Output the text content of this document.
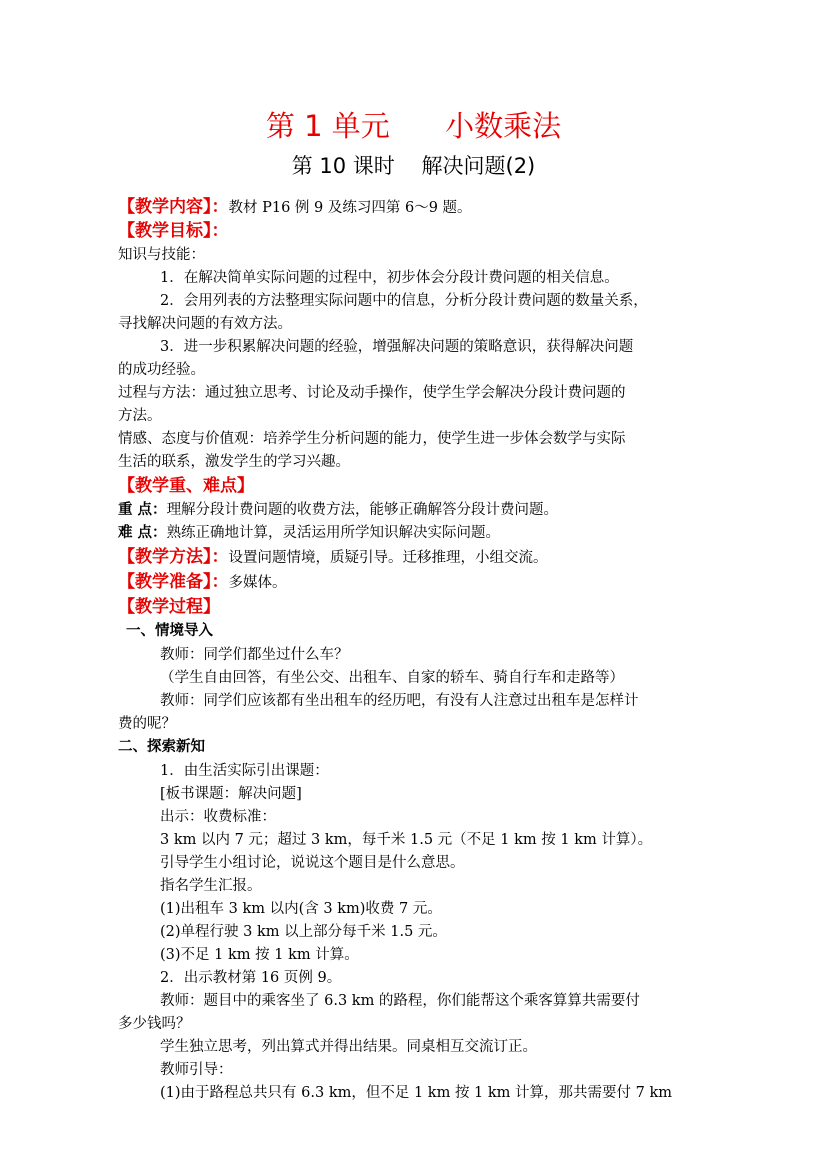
第 1 单元      小数乘法
第 10 课时    解决问题(2)
【教学内容】：教材 P16 例 9 及练习四第 6～9 题。
【教学目标】：
知识与技能：
1．在解决简单实际问题的过程中，初步体会分段计费问题的相关信息。
2．会用列表的方法整理实际问题中的信息，分析分段计费问题的数量关系，
寻找解决问题的有效方法。
3．进一步积累解决问题的经验，增强解决问题的策略意识，获得解决问题
的成功经验。
过程与方法：通过独立思考、讨论及动手操作，使学生学会解决分段计费问题的
方法。
情感、态度与价值观：培养学生分析问题的能力，使学生进一步体会数学与实际
生活的联系，激发学生的学习兴趣。
【教学重、难点】
重 点：理解分段计费问题的收费方法，能够正确解答分段计费问题。
难 点：熟练正确地计算，灵活运用所学知识解决实际问题。
【教学方法】：设置问题情境，质疑引导。迁移推理，小组交流。
【教学准备】：多媒体。
【教学过程】
一、情境导入
教师：同学们都坐过什么车？
（学生自由回答，有坐公交、出租车、自家的轿车、骑自行车和走路等）
教师：同学们应该都有坐出租车的经历吧，有没有人注意过出租车是怎样计
费的呢？
二、探索新知
1．由生活实际引出课题：
[板书课题：解决问题]
出示：收费标准：
3 km 以内 7 元；超过 3 km，每千米 1.5 元（不足 1 km 按 1 km 计算）。
引导学生小组讨论，说说这个题目是什么意思。
指名学生汇报。
(1)出租车 3 km 以内(含 3 km)收费 7 元。
(2)单程行驶 3 km 以上部分每千米 1.5 元。
(3)不足 1 km 按 1 km 计算。
2．出示教材第 16 页例 9。
教师：题目中的乘客坐了 6.3 km 的路程，你们能帮这个乘客算算共需要付
多少钱吗？
学生独立思考，列出算式并得出结果。同桌相互交流订正。
教师引导：
(1)由于路程总共只有 6.3 km，但不足 1 km 按 1 km 计算，那共需要付 7 km
